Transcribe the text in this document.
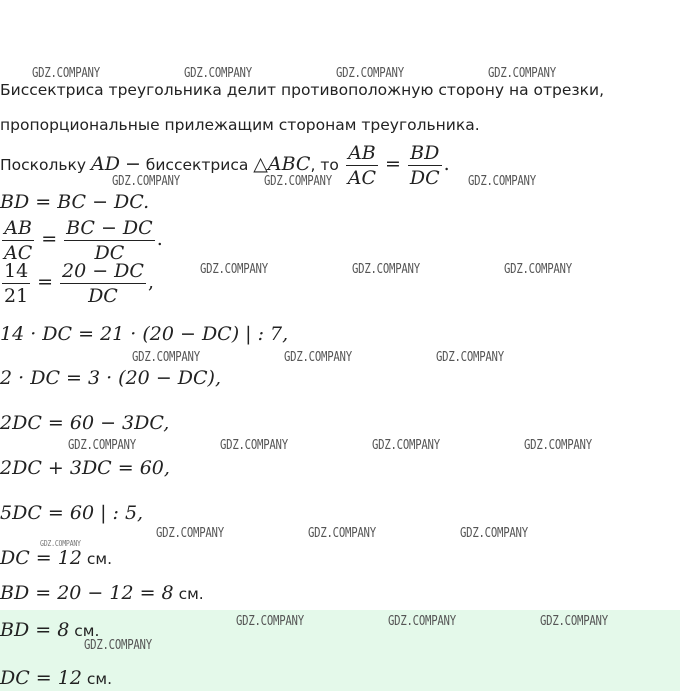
Биссектриса треугольника делит противоположную сторону на отрезки,
пропорциональные прилежащим сторонам треугольника.
Поскольку AD − биссектриса △ABC, то $\frac{AB}{AC} = \frac{BD}{DC}$ .
BD = BC − DC.
$\frac{AB}{AC} = \frac{BC - DC}{DC}$ .
$\frac{14}{21} = \frac{20 - DC}{DC}$ ,
14 · DC = 21 · (20 − DC) | : 7,
2 · DC = 3 · (20 − DC),
2DC = 60 − 3DC,
2DC + 3DC = 60,
5DC = 60 | : 5,
DC = 12 см.
BD = 20 − 12 = 8 см.
BD = 8 см.
DC = 12 см.
GDZ.COMPANY	GDZ.COMPANY	GDZ.COMPANY	GDZ.COMPANY
GDZ.COMPANY	GDZ.COMPANY	GDZ.COMPANY
GDZ.COMPANY	GDZ.COMPANY	GDZ.COMPANY
GDZ.COMPANY	GDZ.COMPANY	GDZ.COMPANY
GDZ.COMPANY	GDZ.COMPANY	GDZ.COMPANY	GDZ.COMPANY
GDZ.COMPANY	GDZ.COMPANY	GDZ.COMPANY
GDZ.COMPANY
GDZ.COMPANY	GDZ.COMPANY	GDZ.COMPANY
GDZ.COMPANY
